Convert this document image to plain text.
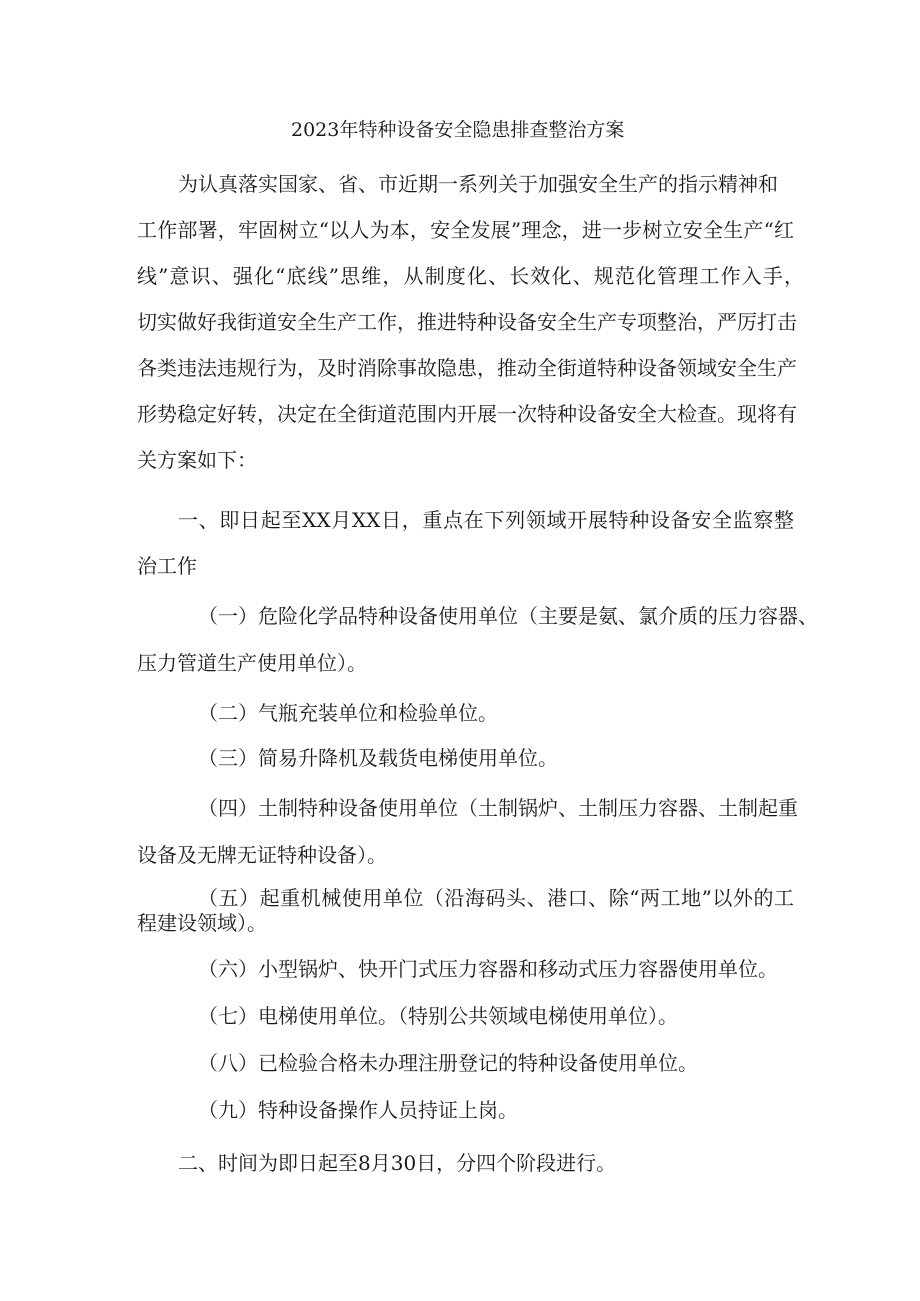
2023年特种设备安全隐患排查整治方案

为认真落实国家、省、市近期一系列关于加强安全生产的指示精神和

工作部署，牢固树立“以人为本，安全发展”理念，进一步树立安全生产“红

线”意识、强化“底线”思维，从制度化、长效化、规范化管理工作入手，

切实做好我街道安全生产工作，推进特种设备安全生产专项整治，严厉打击

各类违法违规行为，及时消除事故隐患，推动全街道特种设备领域安全生产

形势稳定好转，决定在全街道范围内开展一次特种设备安全大检查。现将有

关方案如下：

一、即日起至XX月XX日，重点在下列领域开展特种设备安全监察整

治工作

（一）危险化学品特种设备使用单位（主要是氨、氯介质的压力容器、

压力管道生产使用单位）。

（二）气瓶充装单位和检验单位。

（三）简易升降机及载货电梯使用单位。

（四）土制特种设备使用单位（土制锅炉、土制压力容器、土制起重

设备及无牌无证特种设备）。

（五）起重机械使用单位（沿海码头、港口、除“两工地”以外的工

程建设领域）。

（六）小型锅炉、快开门式压力容器和移动式压力容器使用单位。

（七）电梯使用单位。（特别公共领域电梯使用单位）。

（八）已检验合格未办理注册登记的特种设备使用单位。

（九）特种设备操作人员持证上岗。

二、时间为即日起至8月30日，分四个阶段进行。
